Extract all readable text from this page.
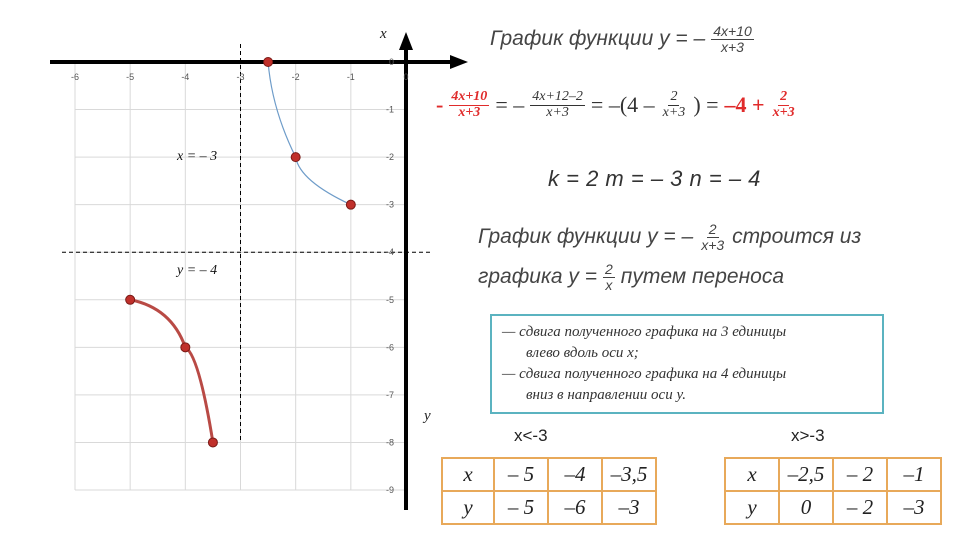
-6	-5	-4	-3	-2	-1	0
0
-1
-2
-3
-4
-5
-6
-7
-8
-9
x
y
x = – 3
y = – 4
График функции y = – $\frac{4x+10}{x+3}$
- $\frac{4x+10}{x+3}$ = – $\frac{4x+12-2}{x+3} = -(4 - \frac{2}{x+3}$ ) = $-4 + \frac{2}{x+3}$
k = 2 m = – 3 n = – 4
График функции y = – $\frac{2}{x+3}$ строится из
графика $y = \frac{2}{x}$ путем переноса
— сдвига полученного графика на 3 единицы
влево вдоль оси x;
— сдвига полученного графика на 4 единицы
вниз в направлении оси y.
x<-3
x	– 5	–4	–3,5
y	– 5	–6	–3
x>-3
x	–2,5	– 2	–1
y	0	– 2	–3
